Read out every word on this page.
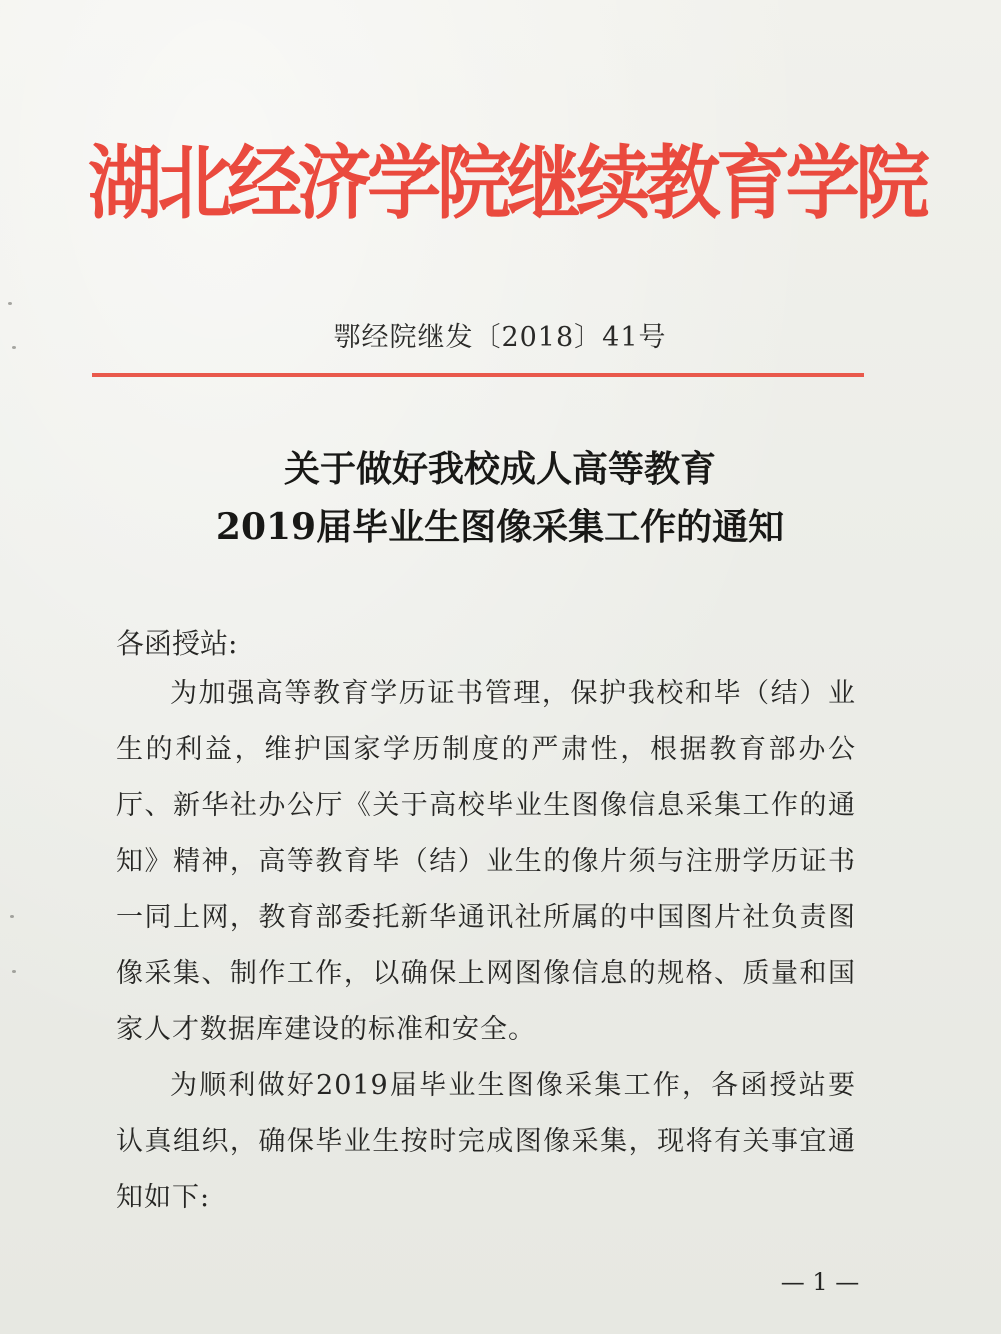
湖北经济学院继续教育学院
鄂经院继发〔2018〕41号
关于做好我校成人高等教育
2019届毕业生图像采集工作的通知
各函授站:

为加强高等教育学历证书管理，保护我校和毕（结）业生的利益，维护国家学历制度的严肃性，根据教育部办公厅、新华社办公厅《关于高校毕业生图像信息采集工作的通知》精神，高等教育毕（结）业生的像片须与注册学历证书一同上网，教育部委托新华通讯社所属的中国图片社负责图像采集、制作工作，以确保上网图像信息的规格、质量和国家人才数据库建设的标准和安全。

为顺利做好2019届毕业生图像采集工作，各函授站要认真组织，确保毕业生按时完成图像采集，现将有关事宜通知如下:

— 1 —
